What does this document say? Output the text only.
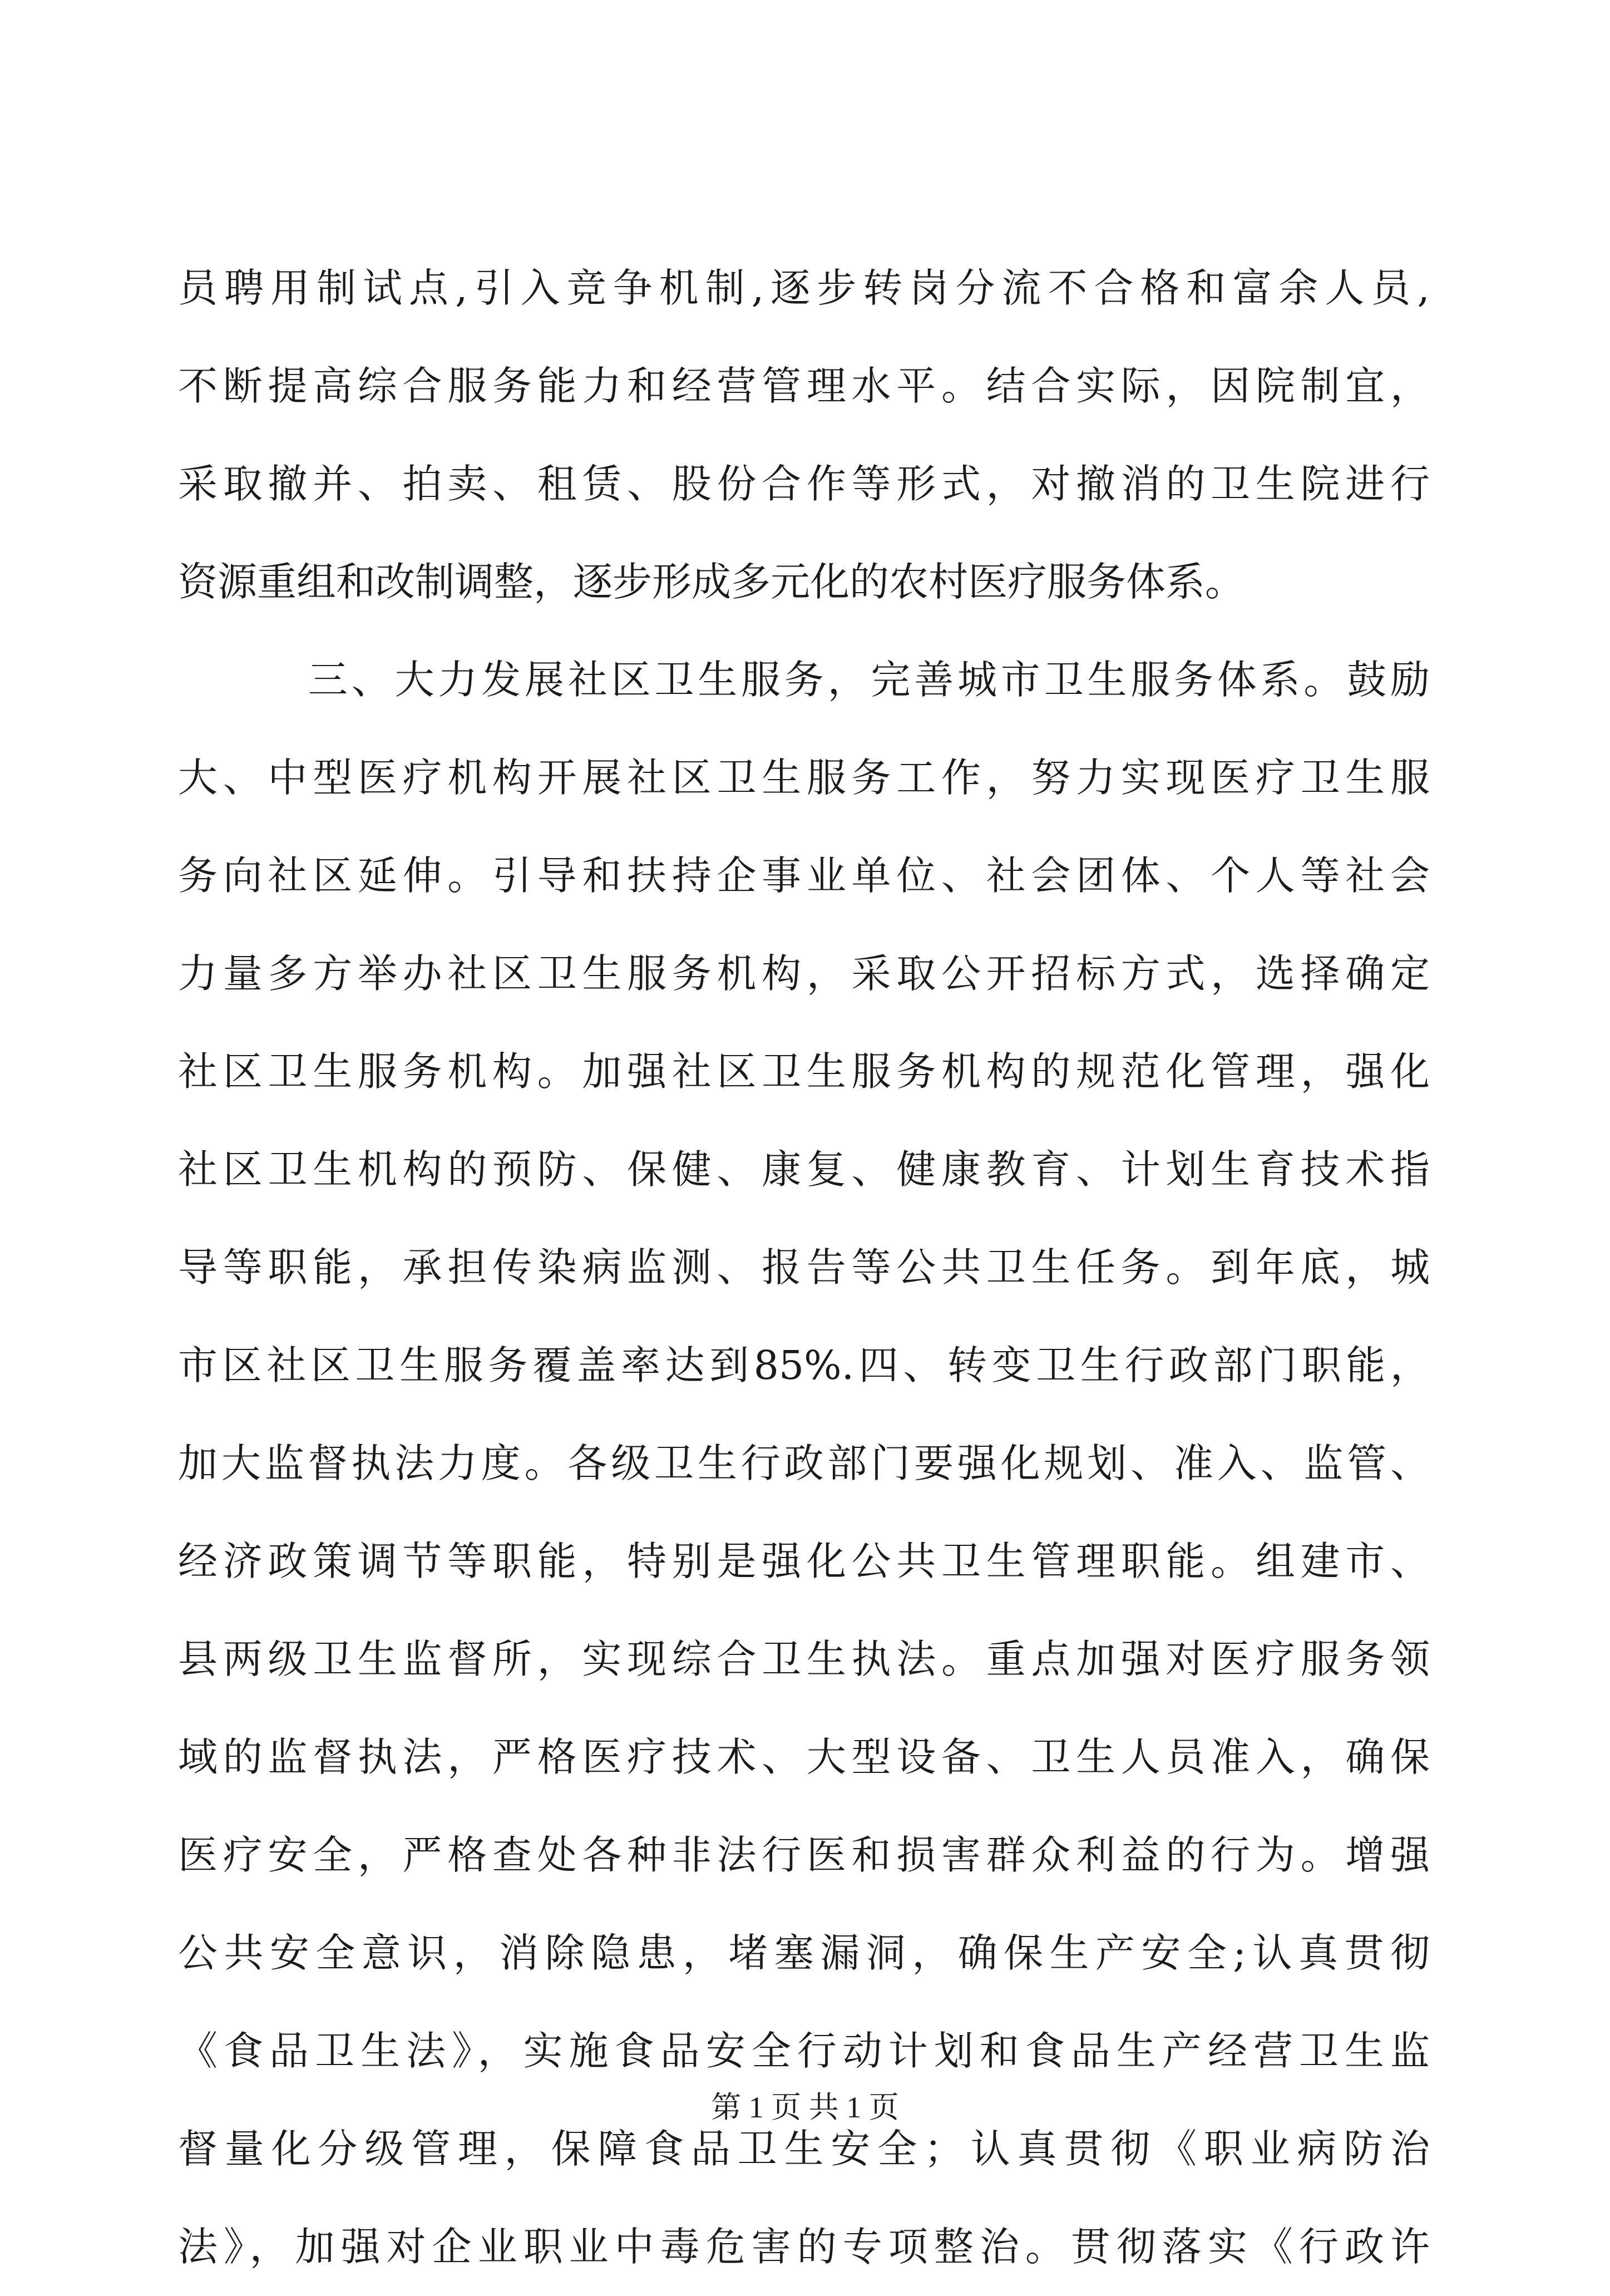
员聘用制试点,引入竞争机制,逐步转岗分流不合格和富余人员,
不断提高综合服务能力和经营管理水平。结合实际，因院制宜，
采取撤并、拍卖、租赁、股份合作等形式，对撤消的卫生院进行
资源重组和改制调整，逐步形成多元化的农村医疗服务体系。
三、大力发展社区卫生服务，完善城市卫生服务体系。鼓励
大、中型医疗机构开展社区卫生服务工作，努力实现医疗卫生服
务向社区延伸。引导和扶持企事业单位、社会团体、个人等社会
力量多方举办社区卫生服务机构，采取公开招标方式，选择确定
社区卫生服务机构。加强社区卫生服务机构的规范化管理，强化
社区卫生机构的预防、保健、康复、健康教育、计划生育技术指
导等职能，承担传染病监测、报告等公共卫生任务。到年底，城
市区社区卫生服务覆盖率达到85%.四、转变卫生行政部门职能，
加大监督执法力度。各级卫生行政部门要强化规划、准入、监管、
经济政策调节等职能，特别是强化公共卫生管理职能。组建市、
县两级卫生监督所，实现综合卫生执法。重点加强对医疗服务领
域的监督执法，严格医疗技术、大型设备、卫生人员准入，确保
医疗安全，严格查处各种非法行医和损害群众利益的行为。增强
公共安全意识，消除隐患，堵塞漏洞，确保生产安全;认真贯彻
《食品卫生法》，实施食品安全行动计划和食品生产经营卫生监
督量化分级管理，保障食品卫生安全；认真贯彻《职业病防治
法》，加强对企业职业中毒危害的专项整治。贯彻落实《行政许
第 1 页 共 1 页
